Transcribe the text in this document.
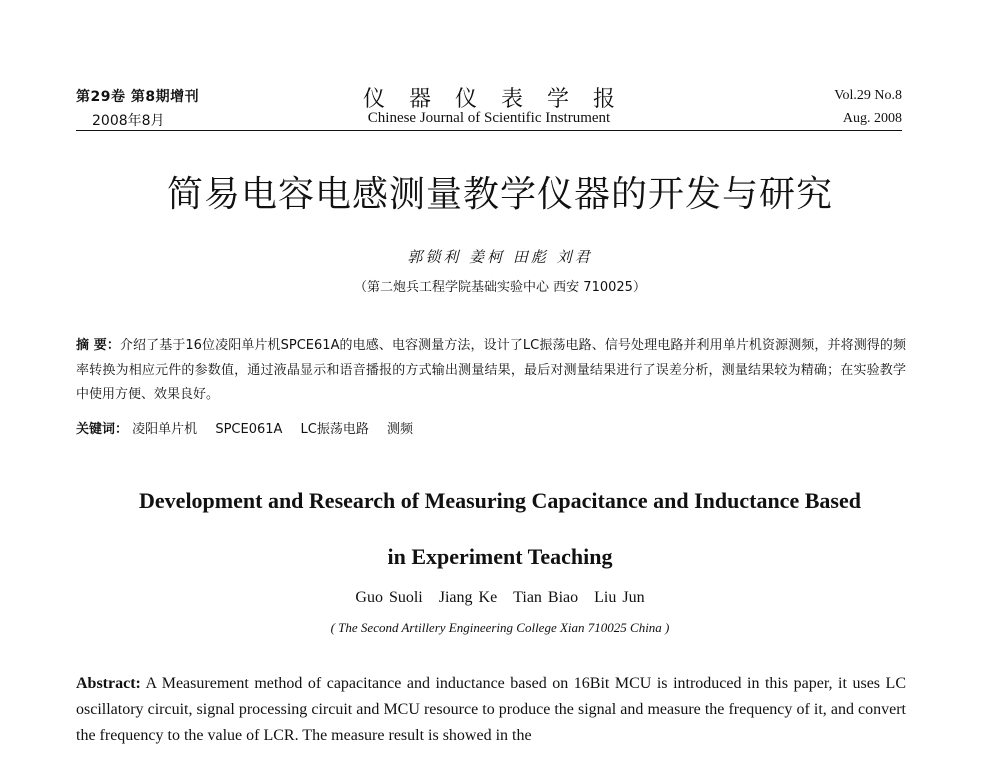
第29卷 第8期增刊
2008年8月
仪器仪表学报
Chinese Journal of Scientific Instrument
Vol.29 No.8
Aug. 2008
简易电容电感测量教学仪器的开发与研究
郭锁利 姜柯 田彪 刘君
（第二炮兵工程学院基础实验中心 西安 710025）
摘 要：介绍了基于16位凌阳单片机SPCE61A的电感、电容测量方法，设计了LC振荡电路、信号处理电路并利用单片机资源测频，并将测得的频率转换为相应元件的参数值，通过液晶显示和语音播报的方式输出测量结果，最后对测量结果进行了误差分析，测量结果较为精确；在实验教学中使用方便、效果良好。
关键词： 凌阳单片机 SPCE061A LC振荡电路 测频
Development and Research of Measuring Capacitance and Inductance Based
in Experiment Teaching
Guo Suoli Jiang Ke Tian Biao Liu Jun
( The Second Artillery Engineering College Xian 710025 China )
Abstract: A Measurement method of capacitance and inductance based on 16Bit MCU is introduced in this paper, it uses LC oscillatory circuit, signal processing circuit and MCU resource to produce the signal and measure the frequency of it, and convert the frequency to the value of LCR. The measure result is showed in the
